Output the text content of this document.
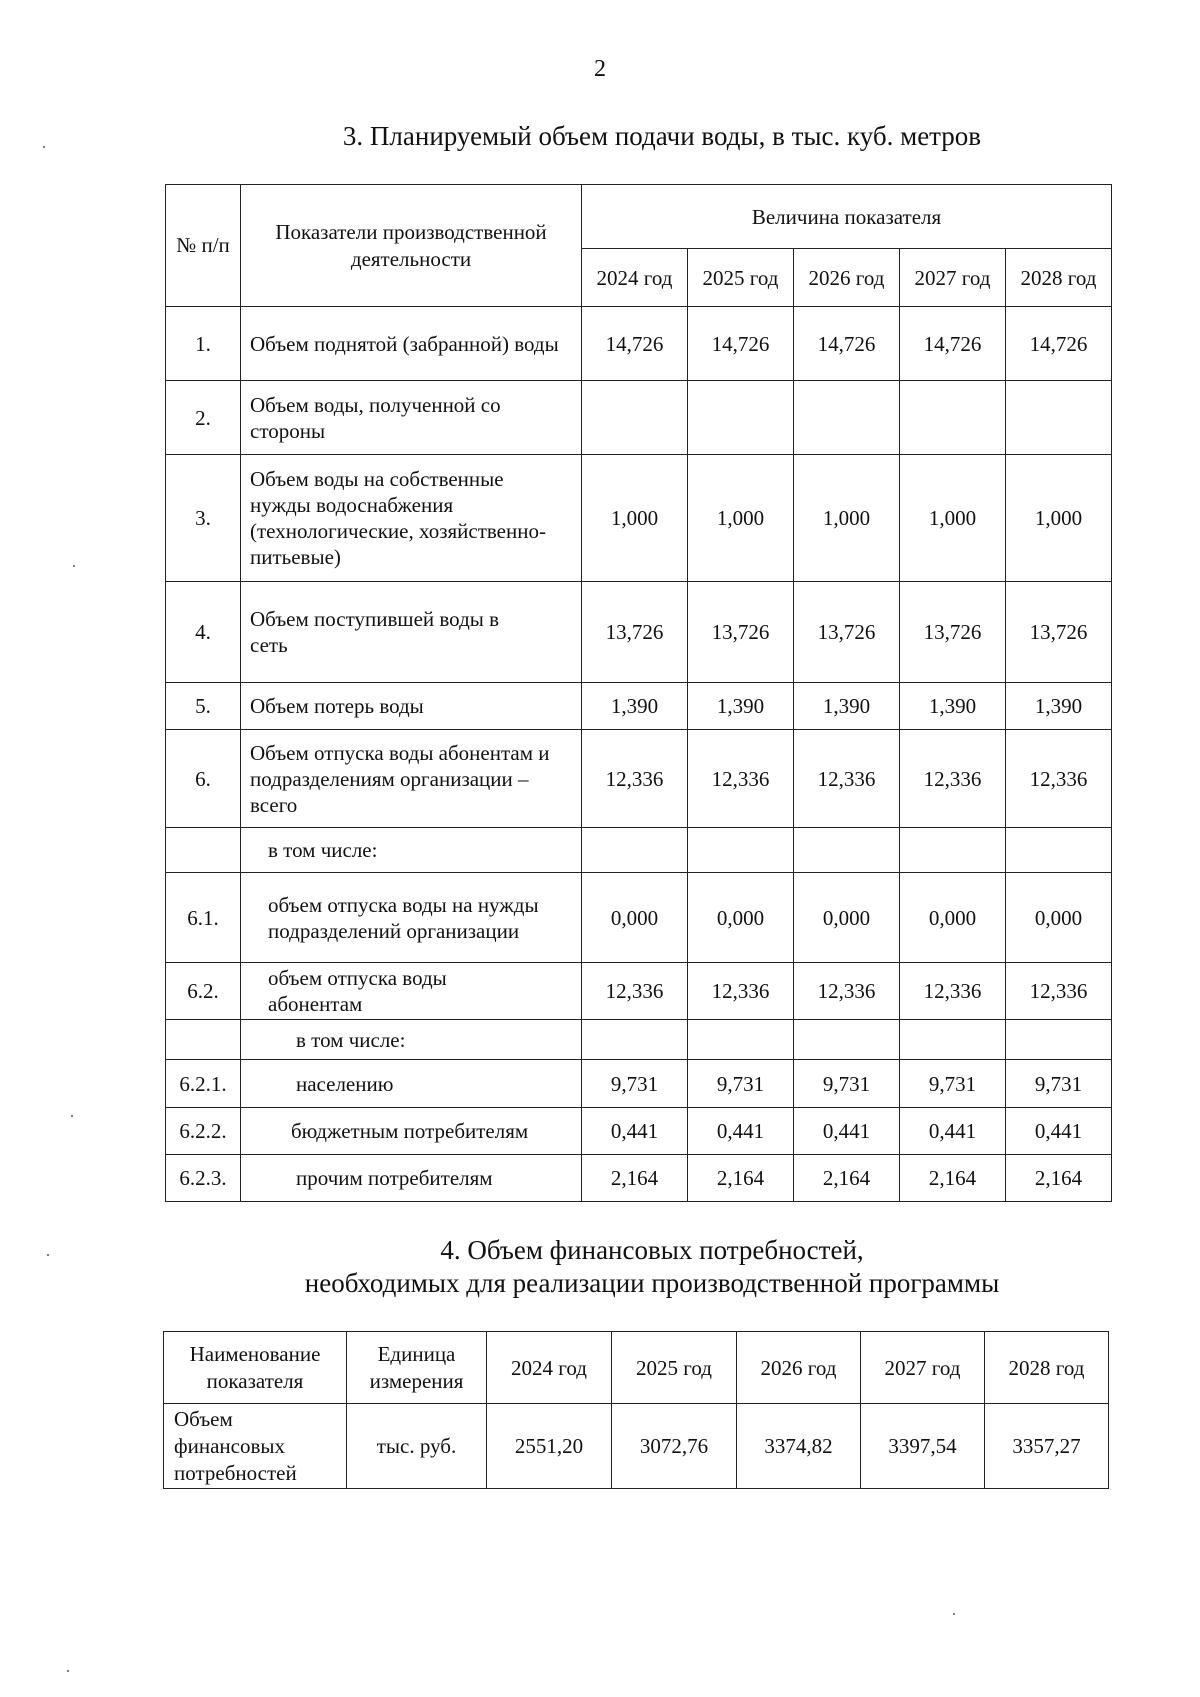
2
3. Планируемый объем подачи воды, в тыс. куб. метров
№ п/п	Показатели производственной деятельности	Величина показателя				
		2024 год	2025 год	2026 год	2027 год	2028 год
1.	Объем поднятой (забранной) воды	14,726	14,726	14,726	14,726	14,726
2.	Объем воды, полученной со стороны					
3.	Объем воды на собственные нужды водоснабжения (технологические, хозяйственно-питьевые)	1,000	1,000	1,000	1,000	1,000
4.	Объем поступившей воды в сеть	13,726	13,726	13,726	13,726	13,726
5.	Объем потерь воды	1,390	1,390	1,390	1,390	1,390
6.	Объем отпуска воды абонентам и подразделениям организации – всего	12,336	12,336	12,336	12,336	12,336
	в том числе:					
6.1.	объем отпуска воды на нужды подразделений организации	0,000	0,000	0,000	0,000	0,000
6.2.	объем отпуска воды абонентам	12,336	12,336	12,336	12,336	12,336
	в том числе:					
6.2.1.	населению	9,731	9,731	9,731	9,731	9,731
6.2.2.	бюджетным потребителям	0,441	0,441	0,441	0,441	0,441
6.2.3.	прочим потребителям	2,164	2,164	2,164	2,164	2,164
4. Объем финансовых потребностей,
необходимых для реализации производственной программы
Наименование показателя	Единица измерения	2024 год	2025 год	2026 год	2027 год	2028 год
Объем финансовых потребностей	тыс. руб.	2551,20	3072,76	3374,82	3397,54	3357,27
